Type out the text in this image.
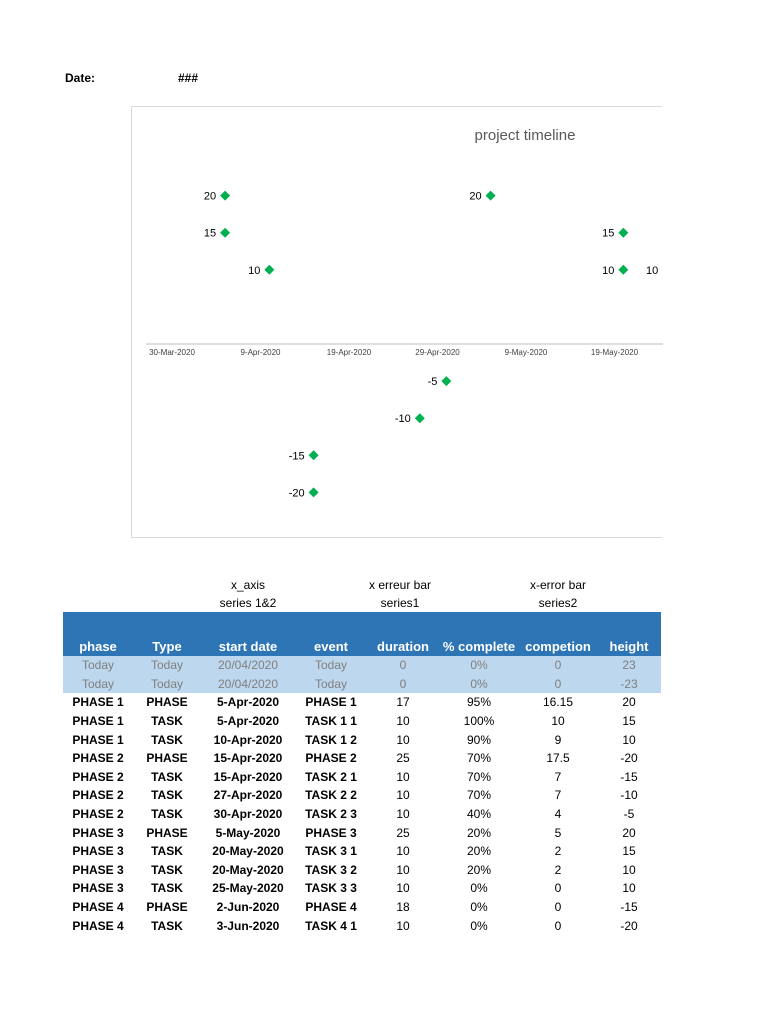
Date:	###
project timeline
30-Mar-2020	9-Apr-2020	19-Apr-2020	29-Apr-2020	9-May-2020	19-May-2020
20
15
10
-20
-15
-10
-5
20
15
10	10
x_axis
series 1&2
x erreur bar
series1
x-error bar
series2
phase	Type	start date	event	duration	% complete	competion	height
Today	Today	20/04/2020	Today	0	0%	0	23
Today	Today	20/04/2020	Today	0	0%	0	-23
PHASE 1	PHASE	5-Apr-2020	PHASE 1	17	95%	16.15	20
PHASE 1	TASK	5-Apr-2020	TASK 1 1	10	100%	10	15
PHASE 1	TASK	10-Apr-2020	TASK 1 2	10	90%	9	10
PHASE 2	PHASE	15-Apr-2020	PHASE 2	25	70%	17.5	-20
PHASE 2	TASK	15-Apr-2020	TASK 2 1	10	70%	7	-15
PHASE 2	TASK	27-Apr-2020	TASK 2 2	10	70%	7	-10
PHASE 2	TASK	30-Apr-2020	TASK 2 3	10	40%	4	-5
PHASE 3	PHASE	5-May-2020	PHASE 3	25	20%	5	20
PHASE 3	TASK	20-May-2020	TASK 3 1	10	20%	2	15
PHASE 3	TASK	20-May-2020	TASK 3 2	10	20%	2	10
PHASE 3	TASK	25-May-2020	TASK 3 3	10	0%	0	10
PHASE 4	PHASE	2-Jun-2020	PHASE 4	18	0%	0	-15
PHASE 4	TASK	3-Jun-2020	TASK 4 1	10	0%	0	-20
